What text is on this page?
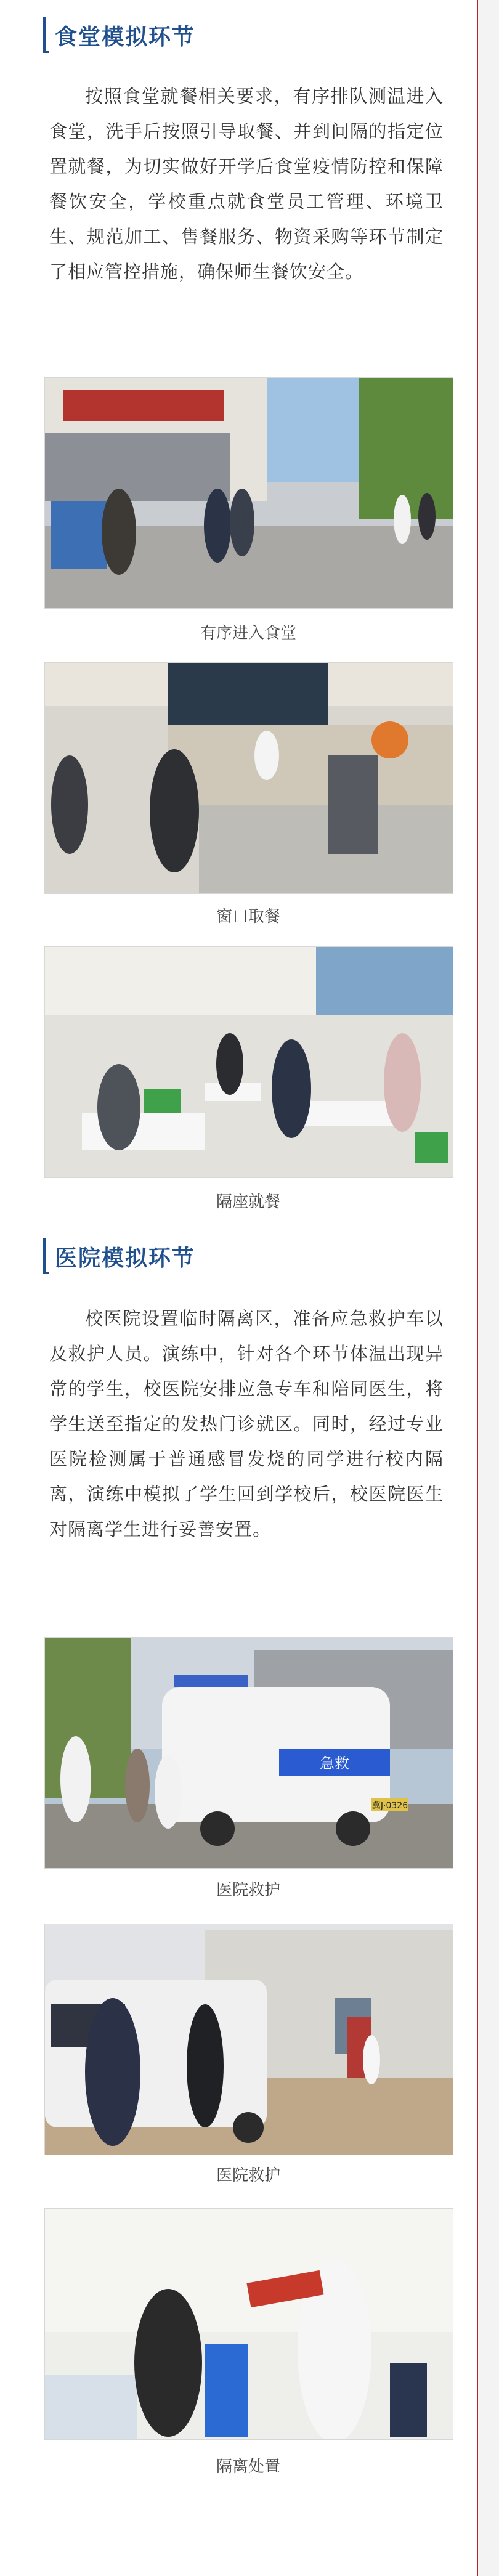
食堂模拟环节
按照食堂就餐相关要求，有序排队测温进入食堂，洗手后按照引导取餐、并到间隔的指定位置就餐，为切实做好开学后食堂疫情防控和保障餐饮安全，学校重点就食堂员工管理、环境卫生、规范加工、售餐服务、物资采购等环节制定了相应管控措施，确保师生餐饮安全。
有序进入食堂
窗口取餐
隔座就餐
医院模拟环节
校医院设置临时隔离区，准备应急救护车以及救护人员。演练中，针对各个环节体温出现异常的学生，校医院安排应急专车和陪同医生，将学生送至指定的发热门诊就区。同时，经过专业医院检测属于普通感冒发烧的同学进行校内隔离，演练中模拟了学生回到学校后，校医院医生对隔离学生进行妥善安置。
急救
冀J·0326
医院救护
医院救护
隔离处置
